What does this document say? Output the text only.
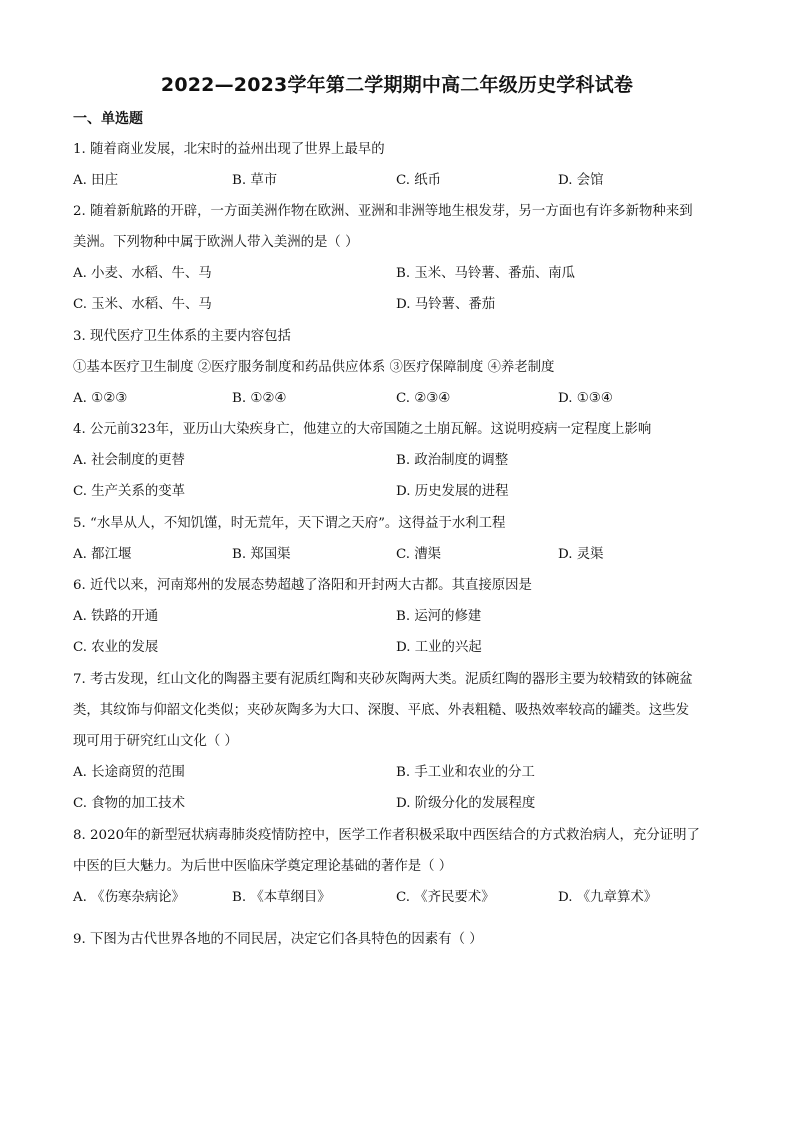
2022—2023学年第二学期期中高二年级历史学科试卷
一、单选题
1. 随着商业发展，北宋时的益州出现了世界上最早的
A. 田庄	B. 草市	C. 纸币	D. 会馆
2. 随着新航路的开辟，一方面美洲作物在欧洲、亚洲和非洲等地生根发芽，另一方面也有许多新物种来到
美洲。下列物种中属于欧洲人带入美洲的是（ ）
A. 小麦、水稻、牛、马	B. 玉米、马铃薯、番茄、南瓜
C. 玉米、水稻、牛、马	D. 马铃薯、番茄
3. 现代医疗卫生体系的主要内容包括
①基本医疗卫生制度 ②医疗服务制度和药品供应体系 ③医疗保障制度 ④养老制度
A. ①②③	B. ①②④	C. ②③④	D. ①③④
4. 公元前323年，亚历山大染疾身亡，他建立的大帝国随之土崩瓦解。这说明疫病一定程度上影响
A. 社会制度的更替	B. 政治制度的调整
C. 生产关系的变革	D. 历史发展的进程
5. “水旱从人，不知饥馑，时无荒年，天下谓之天府”。这得益于水利工程
A. 都江堰	B. 郑国渠	C. 漕渠	D. 灵渠
6. 近代以来，河南郑州的发展态势超越了洛阳和开封两大古都。其直接原因是
A. 铁路的开通	B. 运河的修建
C. 农业的发展	D. 工业的兴起
7. 考古发现，红山文化的陶器主要有泥质红陶和夹砂灰陶两大类。泥质红陶的器形主要为较精致的钵碗盆
类，其纹饰与仰韶文化类似；夹砂灰陶多为大口、深腹、平底、外表粗糙、吸热效率较高的罐类。这些发
现可用于研究红山文化（ ）
A. 长途商贸的范围	B. 手工业和农业的分工
C. 食物的加工技术	D. 阶级分化的发展程度
8. 2020年的新型冠状病毒肺炎疫情防控中，医学工作者积极采取中西医结合的方式救治病人，充分证明了
中医的巨大魅力。为后世中医临床学奠定理论基础的著作是（ ）
A. 《伤寒杂病论》	B. 《本草纲目》	C. 《齐民要术》	D. 《九章算术》
9. 下图为古代世界各地的不同民居，决定它们各具特色的因素有（ ）
